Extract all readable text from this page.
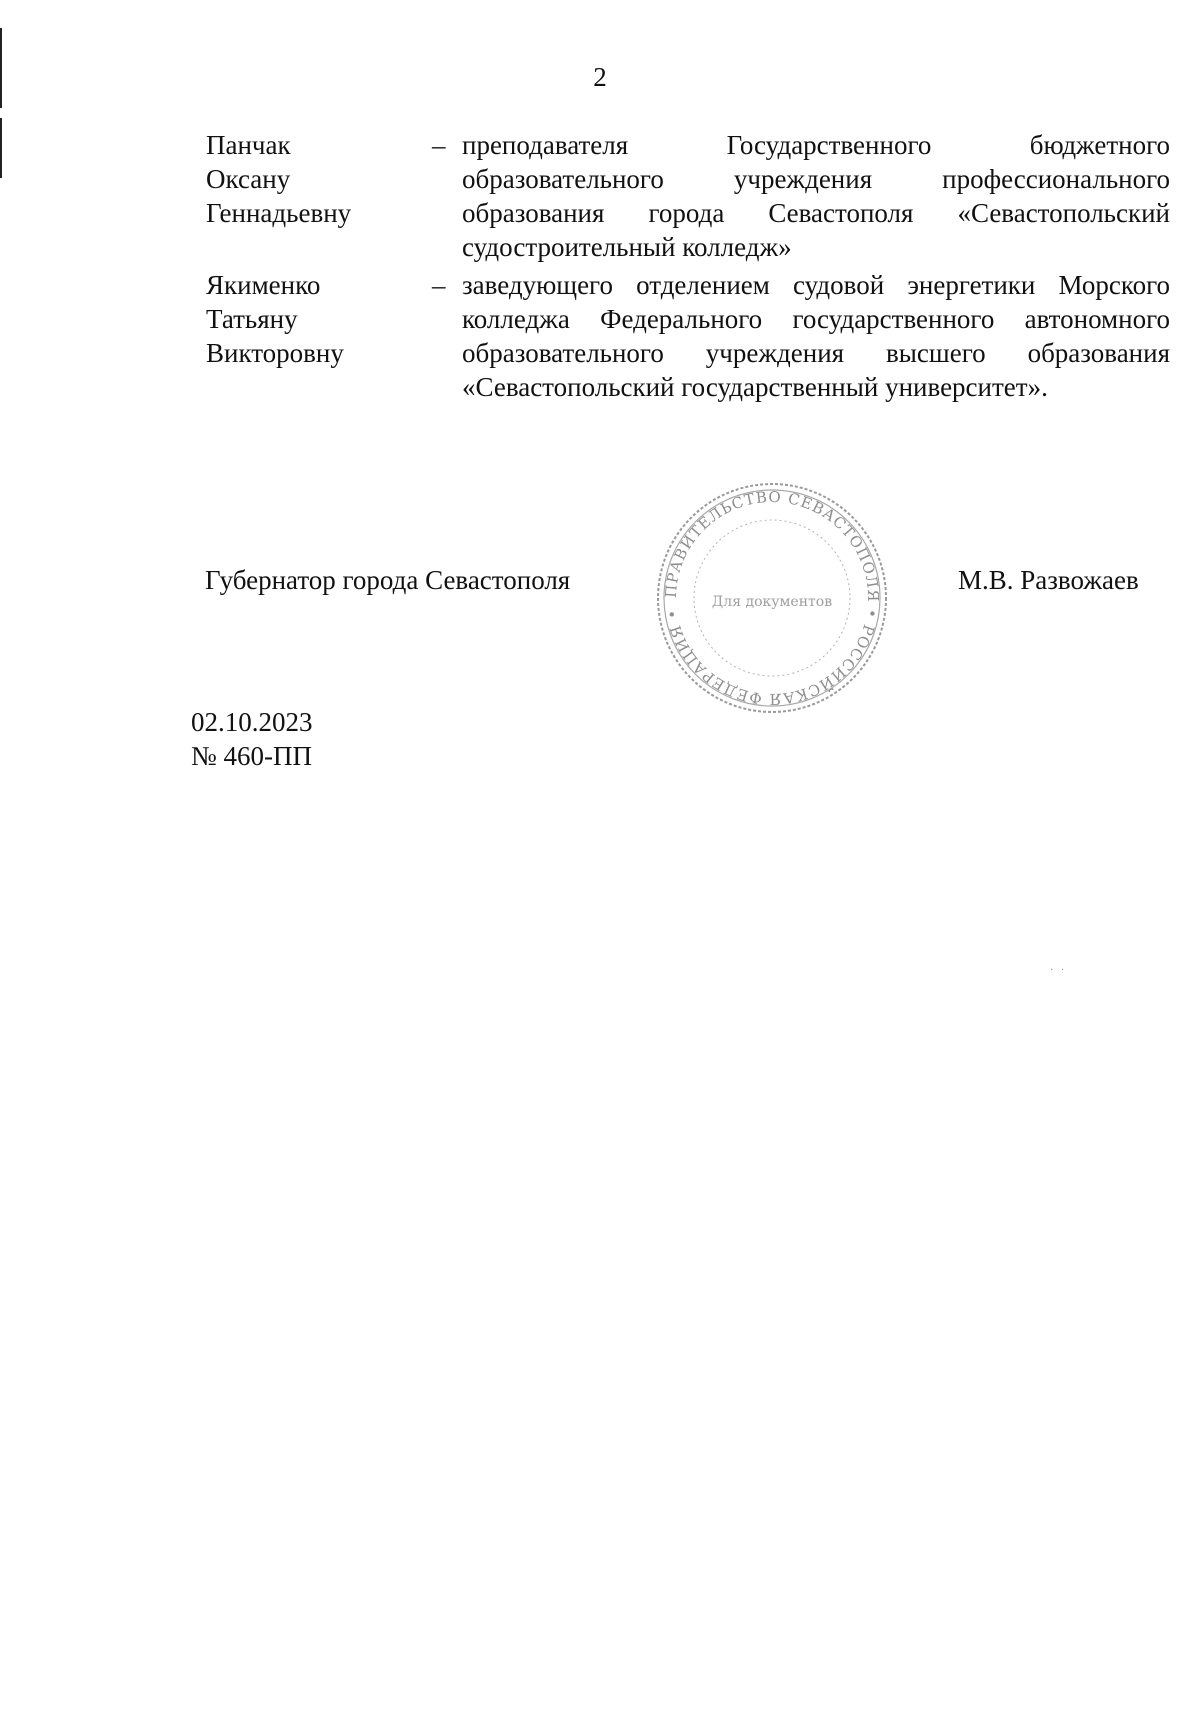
2
Панчак
Оксану
Геннадьевну
– преподавателя Государственного бюджетного образовательного учреждения профессионального образования города Севастополя «Севастопольский судостроительный колледж»
Якименко
Татьяну
Викторовну
– заведующего отделением судовой энергетики Морского колледжа Федерального государственного автономного образовательного учреждения высшего образования «Севастопольский государственный университет».
Губернатор города Севастополя	ПРАВИТЕЛЬСТВО СЕВАСТОПОЛЯ • РОССИЙСКАЯ ФЕДЕРАЦИЯ •
Для документов
М.В. Развожаев
02.10.2023
№ 460-ПП
·   ·
